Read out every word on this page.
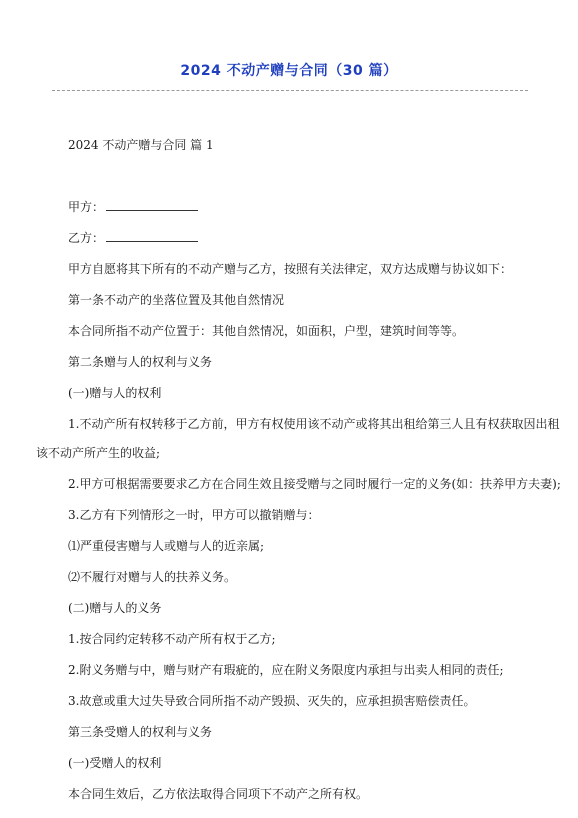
2024 不动产赠与合同（30 篇）
2024 不动产赠与合同 篇 1
甲方：
乙方：
甲方自愿将其下所有的不动产赠与乙方，按照有关法律定，双方达成赠与协议如下：
第一条不动产的坐落位置及其他自然情况
本合同所指不动产位置于：其他自然情况，如面积，户型，建筑时间等等。
第二条赠与人的权利与义务
(一)赠与人的权利
1.不动产所有权转移于乙方前，甲方有权使用该不动产或将其出租给第三人且有权获取因出租
该不动产所产生的收益;
2.甲方可根据需要要求乙方在合同生效且接受赠与之同时履行一定的义务(如：扶养甲方夫妻);
3.乙方有下列情形之一时，甲方可以撤销赠与：
⑴严重侵害赠与人或赠与人的近亲属;
⑵不履行对赠与人的扶养义务。
(二)赠与人的义务
1.按合同约定转移不动产所有权于乙方;
2.附义务赠与中，赠与财产有瑕疵的，应在附义务限度内承担与出卖人相同的责任;
3.故意或重大过失导致合同所指不动产毁损、灭失的，应承担损害赔偿责任。
第三条受赠人的权利与义务
(一)受赠人的权利
本合同生效后，乙方依法取得合同项下不动产之所有权。
